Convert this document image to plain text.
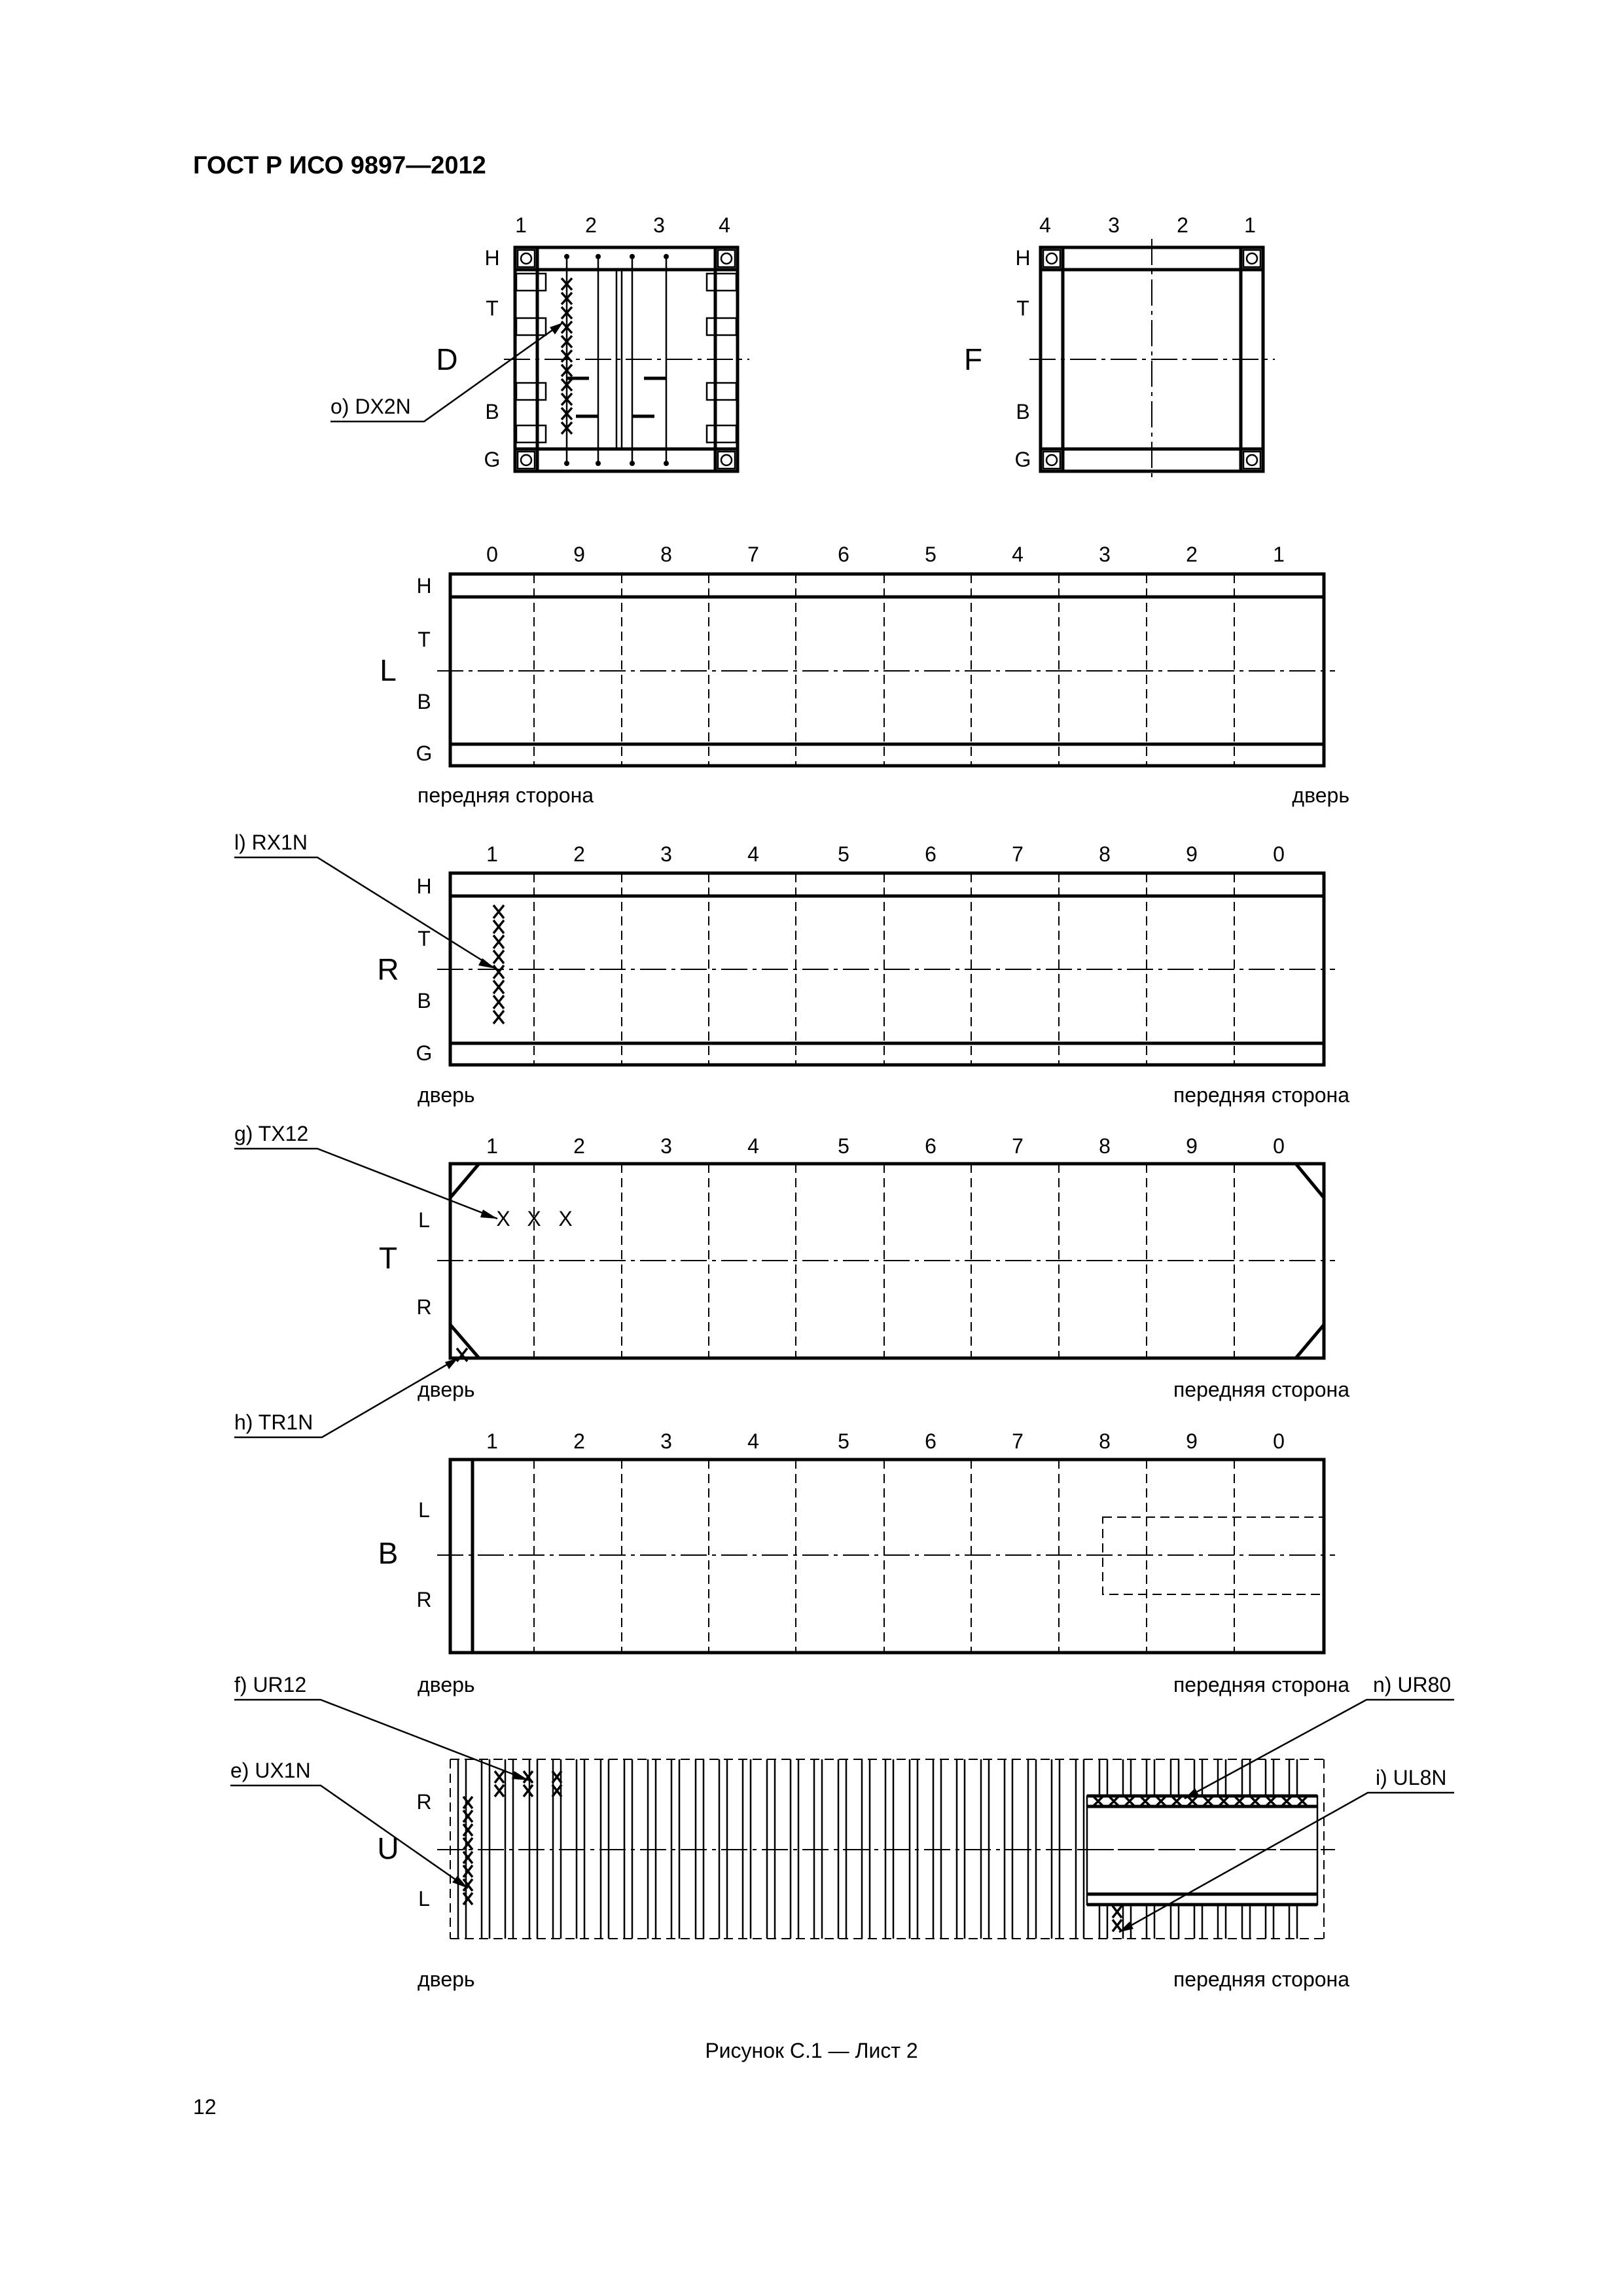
ГОСТ Р ИСО 9897—2012
Рисунок С.1 — Лист 2
12
1	2	3	4
H
T
B
G
D
o) DX2N
4	3	2	1
H
T
B
G
F
0	9	8	7	6	5	4	3	2	1
H
T
B
G
L
передняя сторона	дверь
1	2	3	4	5	6	7	8	9	0
H
T
B
G
R
l) RX1N
дверь	передняя сторона
1	2	3	4	5	6	7	8	9	0
L
R
T
X X X
g) TX12
h) TR1N
дверь	передняя сторона
1	2	3	4	5	6	7	8	9	0
L
R
B
дверь	передняя сторона
R
L
U
f) UR12
e) UX1N
n) UR80
i) UL8N
дверь	передняя сторона
